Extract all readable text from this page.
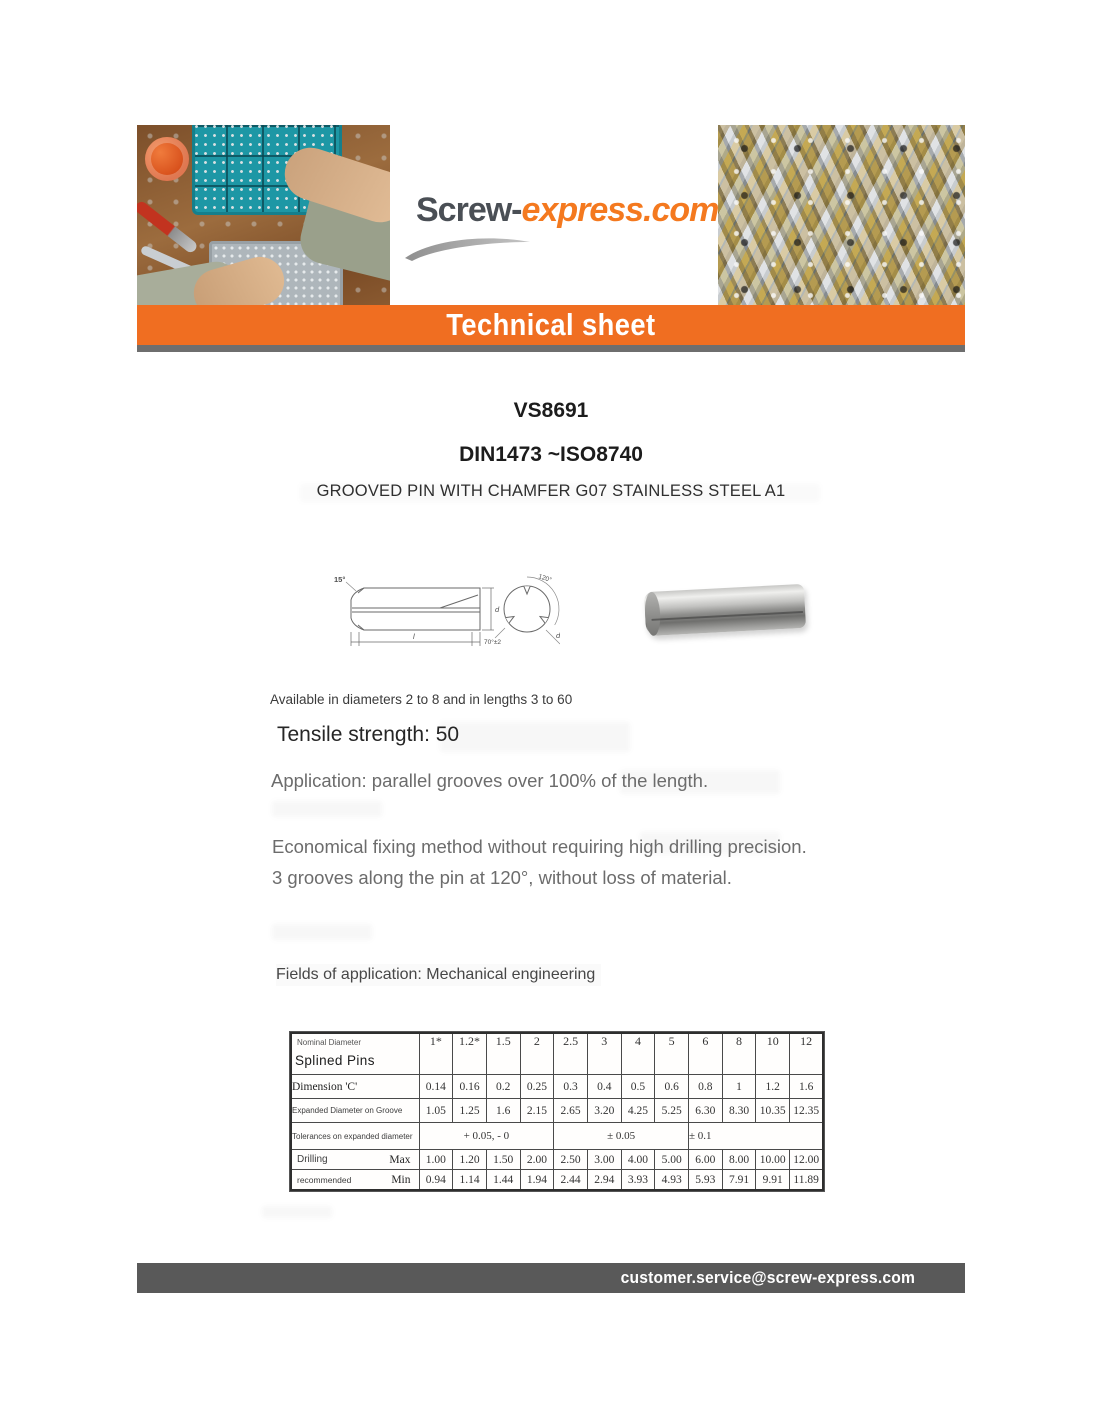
Screw-express.com
Technical sheet
VS8691
DIN1473 ~ISO8740
GROOVED PIN WITH CHAMFER G07 STAINLESS STEEL A1
15°
l
d
120°
70°±2
d
Available in diameters 2 to 8 and in lengths 3 to 60
Tensile strength: 50
Application: parallel grooves over 100% of the length.

Economical fixing method without requiring high drilling precision.

3 grooves along the pin at 120°, without loss of material.

Fields of application: Mechanical engineering
Nominal Diameter
Splined Pins	1*	1.2*	1.5	2	2.5	3	4	5	6	8	10	12
Dimension 'C'	0.14	0.16	0.2	0.25	0.3	0.4	0.5	0.6	0.8	1	1.2	1.6
Expanded Diameter on Groove	1.05	1.25	1.6	2.15	2.65	3.20	4.25	5.25	6.30	8.30	10.35	12.35
Tolerances on expanded diameter	+ 0.05, - 0				± 0.05				± 0.1			

Drilling Max	1.00	1.20	1.50	2.00	2.50	3.00	4.00	5.00	6.00	8.00	10.00	12.00

recommended Min	0.94	1.14	1.44	1.94	2.44	2.94	3.93	4.93	5.93	7.91	9.91	11.89
customer.service@screw-express.com
